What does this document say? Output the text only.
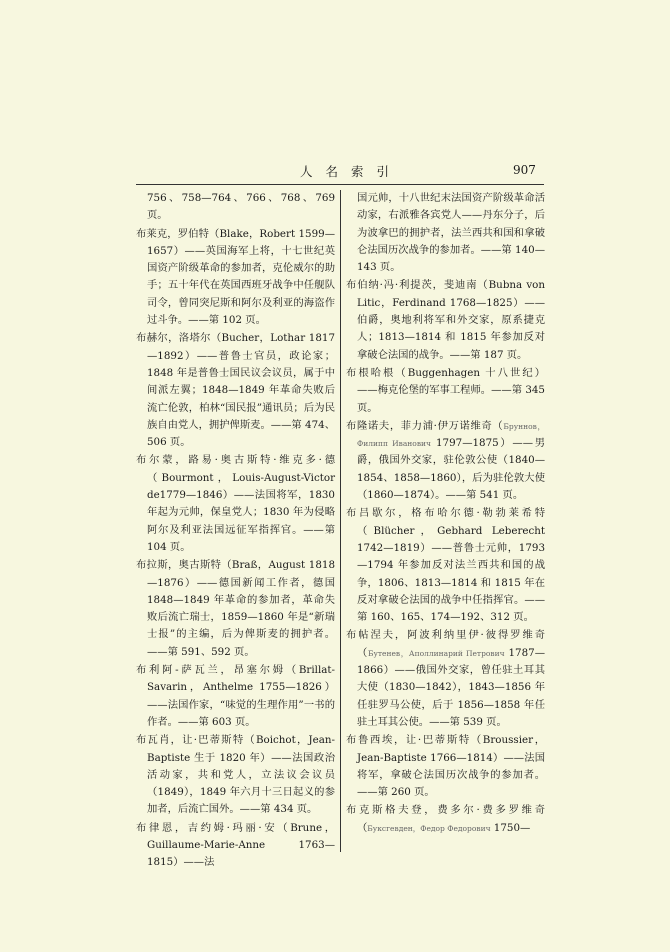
人名索引	907

756、758—764、766、768、769 页。

布莱克，罗伯特（Blake，Robert 1599—1657）——英国海军上将，十七世纪英国资产阶级革命的参加者，克伦威尔的助手；五十年代在英国西班牙战争中任舰队司令，曾同突尼斯和阿尔及利亚的海盗作过斗争。——第 102 页。

布赫尔，洛塔尔（Bucher，Lothar 1817—1892）——普鲁士官员，政论家；1848 年是普鲁士国民议会议员，属于中间派左翼；1848—1849 年革命失败后流亡伦敦，柏林“国民报”通讯员；后为民族自由党人，拥护俾斯麦。——第 474、506 页。

布尔蒙，路易·奥古斯特·维克多·德（Bourmont，Louis-August-Victor de1779—1846）——法国将军，1830 年起为元帅，保皇党人；1830 年为侵略阿尔及利亚法国远征军指挥官。——第 104 页。

布拉斯，奥古斯特（Braß，August 1818—1876）——德国新闻工作者，德国 1848—1849 年革命的参加者，革命失败后流亡瑞士，1859—1860 年是“新瑞士报”的主编，后为俾斯麦的拥护者。——第 591、592 页。

布利阿-萨瓦兰，昂塞尔姆（Brillat-Savarin，Anthelme 1755—1826）——法国作家，“味觉的生理作用”一书的作者。——第 603 页。

布瓦肖，让·巴蒂斯特（Boichot，Jean-Baptiste 生于 1820 年）——法国政治活动家，共和党人，立法议会议员（1849），1849 年六月十三日起义的参加者，后流亡国外。——第 434 页。

布律恩，吉约姆·玛丽·安（Brune，Guillaume-Marie-Anne 1763—1815）——法

国元帅，十八世纪末法国资产阶级革命活动家，右派雅各宾党人——丹东分子，后为波拿巴的拥护者，法兰西共和国和拿破仑法国历次战争的参加者。——第 140—143 页。

布伯纳·冯·利提茨，斐迪南（Bubna von Litic，Ferdinand 1768—1825）——伯爵，奥地利将军和外交家，原系捷克人；1813—1814 和 1815 年参加反对拿破仑法国的战争。——第 187 页。

布根哈根（Buggenhagen 十八世纪）——梅克伦堡的军事工程师。——第 345 页。

布隆诺夫，菲力浦·伊万诺维奇（Бруннов，Филипп Иванович 1797—1875）——男爵，俄国外交家，驻伦敦公使（1840—1854、1858—1860），后为驻伦敦大使（1860—1874）。——第 541 页。

布吕歇尔，格布哈尔德·勒勃莱希特（Blücher，Gebhard Leberecht 1742—1819）——普鲁士元帅，1793—1794 年参加反对法兰西共和国的战争，1806、1813—1814 和 1815 年在反对拿破仑法国的战争中任指挥官。——第 160、165、174—192、312 页。

布帖涅夫，阿波利纳里伊·彼得罗维奇（Бутенев，Аполлинарий Петрович 1787—1866）——俄国外交家，曾任驻土耳其大使（1830—1842），1843—1856 年任驻罗马公使，后于 1856—1858 年任驻土耳其公使。——第 539 页。

布鲁西埃，让·巴蒂斯特（Broussier，Jean-Baptiste 1766—1814）——法国将军，拿破仑法国历次战争的参加者。——第 260 页。

布克斯格夫登，费多尔·费多罗维奇（Буксгевден，Федор Федорович 1750—
